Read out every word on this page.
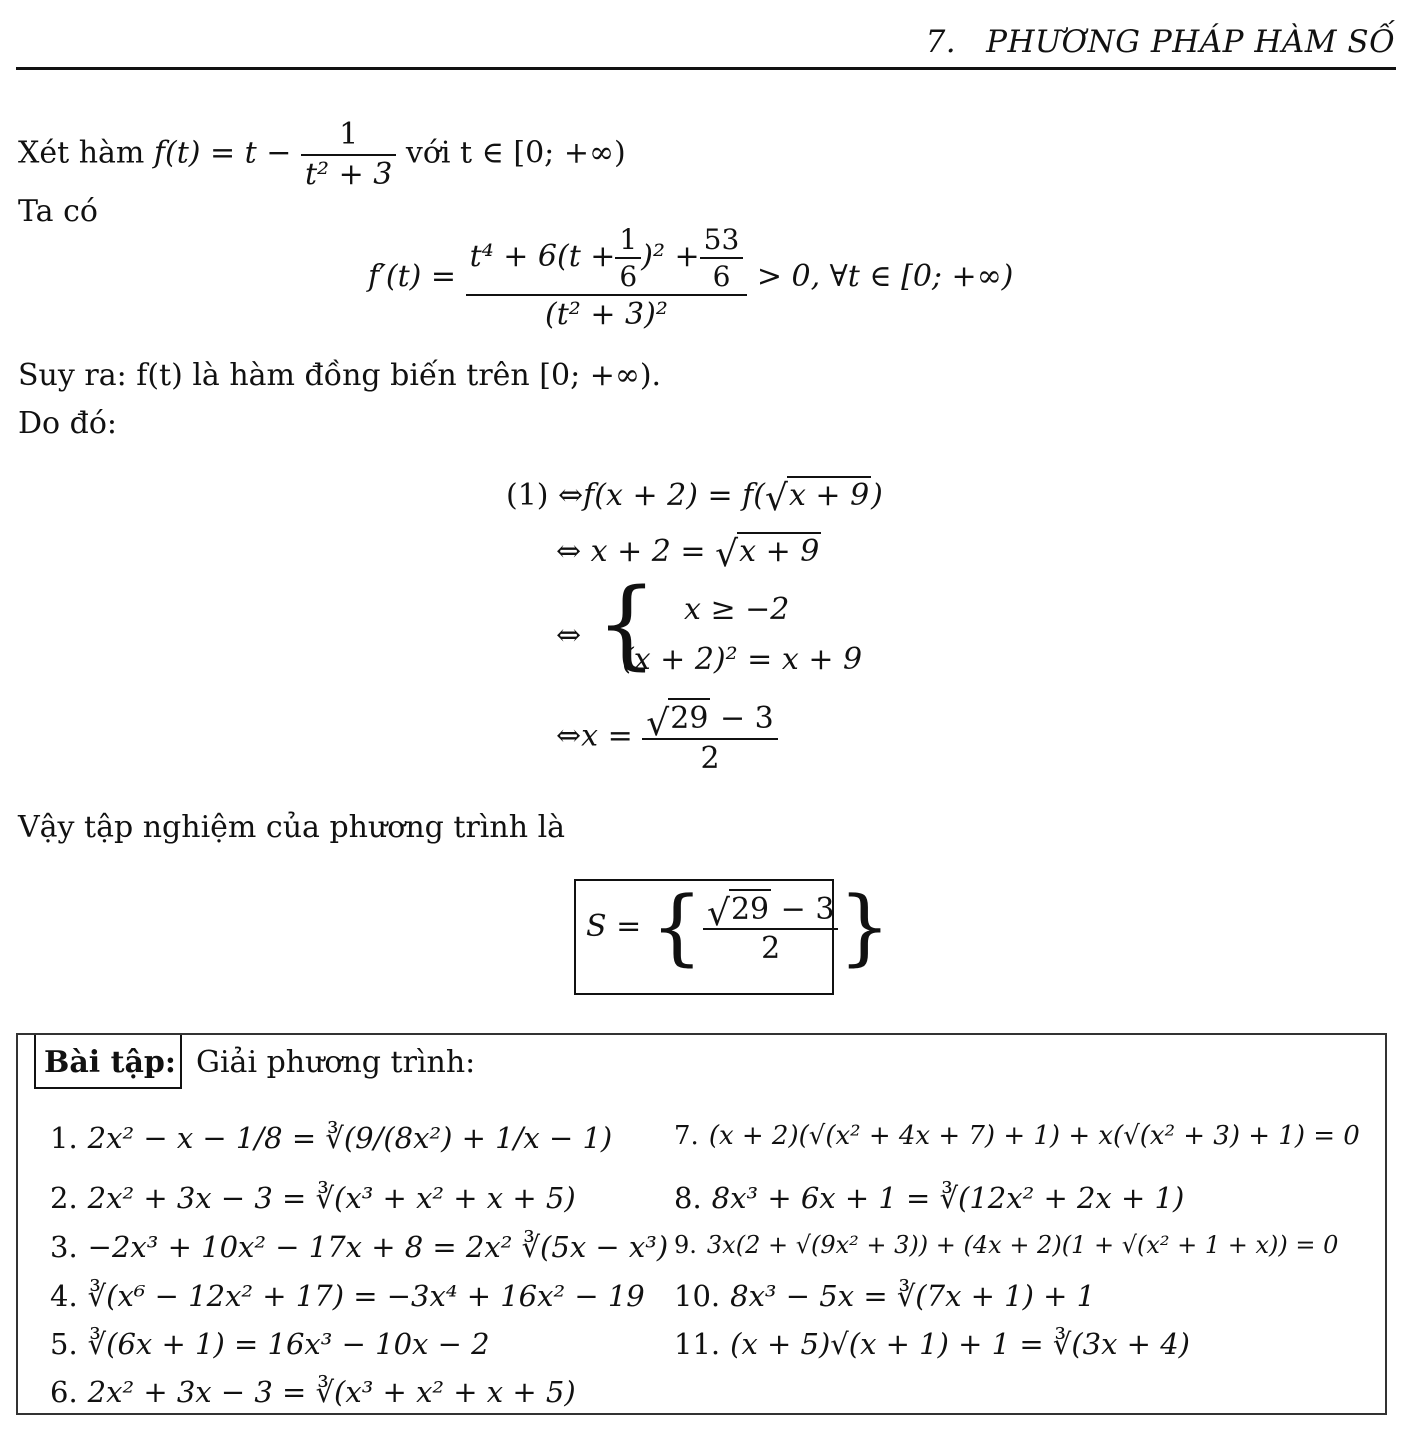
7. PHƯƠNG PHÁP HÀM SỐ
Xét hàm $f(t) = t - \frac{1}{\text{t² + 3}}$ với t ∈ [0; +∞)
Ta có
$f'(t) = \frac{t^4 + 6(t + \frac{1}{6} )^2 + \frac{53}{6}}{\text{(t² + 3)²}} > 0$, ∀t ∈ [0; +∞)
Suy ra: f(t) là hàm đồng biến trên [0; +∞).
Do đó:
(1) ⇔f(x + 2) = f( √ x + 9)
⇔ x + 2 = √ x + 9
⇔ { x ≥ −2
(x + 2)² = x + 9
⇔x = $\frac{√ 29 - 3}{2}$
Vậy tập nghiệm của phương trình là
S = { $\frac{√ 29 - 3}{2}$ }
Bài tập: Giải phương trình:
1. 2x² − x − 1/8 = ∛(9/(8x²) + 1/x − 1)
2. 2x² + 3x − 3 = ∛(x³ + x² + x + 5)
3. −2x³ + 10x² − 17x + 8 = 2x² ∛(5x − x³)
4. ∛(x⁶ − 12x² + 17) = −3x⁴ + 16x² − 19
5. ∛(6x + 1) = 16x³ − 10x − 2
6. 2x² + 3x − 3 = ∛(x³ + x² + x + 5)
7. (x + 2)(√(x² + 4x + 7) + 1) + x(√(x² + 3) + 1) = 0
8. 8x³ + 6x + 1 = ∛(12x² + 2x + 1)
9. 3x(2 + √(9x² + 3)) + (4x + 2)(1 + √(x² + 1 + x)) = 0
10. 8x³ − 5x = ∛(7x + 1) + 1
11. (x + 5)√(x + 1) + 1 = ∛(3x + 4)
